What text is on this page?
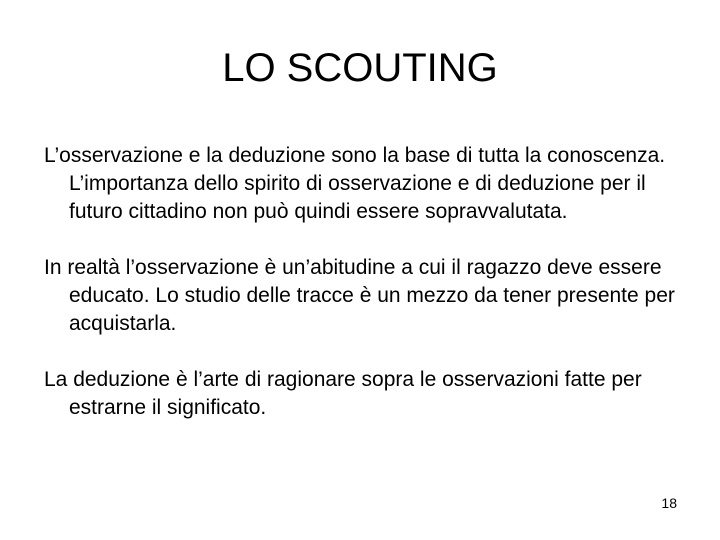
LO SCOUTING
L’osservazione e la deduzione sono la base di tutta la conoscenza. L’importanza dello spirito di osservazione e di deduzione per il futuro cittadino non può quindi essere sopravvalutata.
In realtà l’osservazione è un’abitudine a cui il ragazzo deve essere educato. Lo studio delle tracce è un mezzo da tener presente per acquistarla.
La deduzione è l’arte di ragionare sopra le osservazioni fatte per estrarne il significato.
18
